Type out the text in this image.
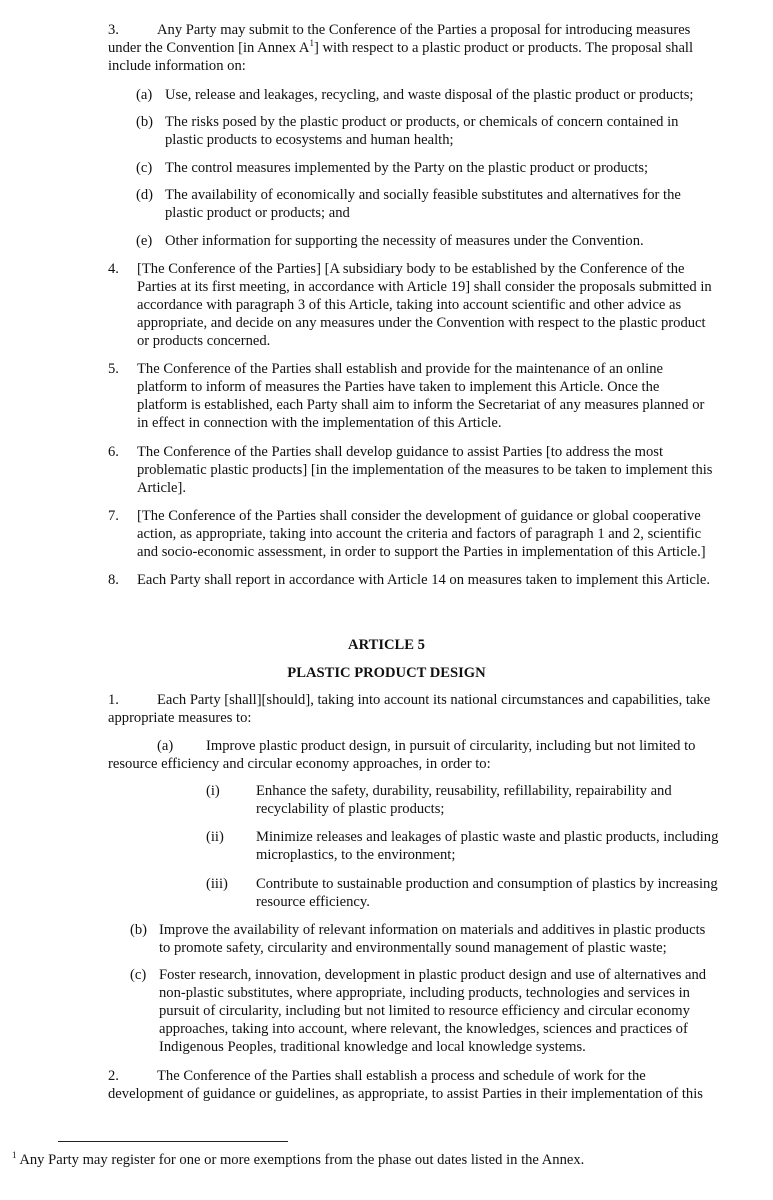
3.	Any Party may submit to the Conference of the Parties a proposal for introducing measures
under the Convention [in Annex $A^1$] with respect to a plastic product or products. The proposal shall
include information on:
(a) Use, release and leakages, recycling, and waste disposal of the plastic product or products;
(b) The risks posed by the plastic product or products, or chemicals of concern contained in
plastic products to ecosystems and human health;
(c) The control measures implemented by the Party on the plastic product or products;
(d) The availability of economically and socially feasible substitutes and alternatives for the
plastic product or products; and
(e) Other information for supporting the necessity of measures under the Convention.
4.	[The Conference of the Parties] [A subsidiary body to be established by the Conference of the
Parties at its first meeting, in accordance with Article 19] shall consider the proposals submitted in
accordance with paragraph 3 of this Article, taking into account scientific and other advice as
appropriate, and decide on any measures under the Convention with respect to the plastic product
or products concerned.
5.	The Conference of the Parties shall establish and provide for the maintenance of an online
platform to inform of measures the Parties have taken to implement this Article. Once the
platform is established, each Party shall aim to inform the Secretariat of any measures planned or
in effect in connection with the implementation of this Article.
6.	The Conference of the Parties shall develop guidance to assist Parties [to address the most
problematic plastic products] [in the implementation of the measures to be taken to implement this
Article].
7.	[The Conference of the Parties shall consider the development of guidance or global cooperative
action, as appropriate, taking into account the criteria and factors of paragraph 1 and 2, scientific
and socio-economic assessment, in order to support the Parties in implementation of this Article.]
8.	Each Party shall report in accordance with Article 14 on measures taken to implement this Article.
ARTICLE 5
PLASTIC PRODUCT DESIGN
1.	Each Party [shall][should], taking into account its national circumstances and capabilities, take
appropriate measures to:
(a)	Improve plastic product design, in pursuit of circularity, including but not limited to
resource efficiency and circular economy approaches, in order to:
(i)	Enhance the safety, durability, reusability, refillability, repairability and
recyclability of plastic products;
(ii)	Minimize releases and leakages of plastic waste and plastic products, including
microplastics, to the environment;
(iii)	Contribute to sustainable production and consumption of plastics by increasing
resource efficiency.
(b) Improve the availability of relevant information on materials and additives in plastic products
to promote safety, circularity and environmentally sound management of plastic waste;
(c) Foster research, innovation, development in plastic product design and use of alternatives and
non-plastic substitutes, where appropriate, including products, technologies and services in
pursuit of circularity, including but not limited to resource efficiency and circular economy
approaches, taking into account, where relevant, the knowledges, sciences and practices of
Indigenous Peoples, traditional knowledge and local knowledge systems.
2.	The Conference of the Parties shall establish a process and schedule of work for the
development of guidance or guidelines, as appropriate, to assist Parties in their implementation of this
$^1$ Any Party may register for one or more exemptions from the phase out dates listed in the Annex.
